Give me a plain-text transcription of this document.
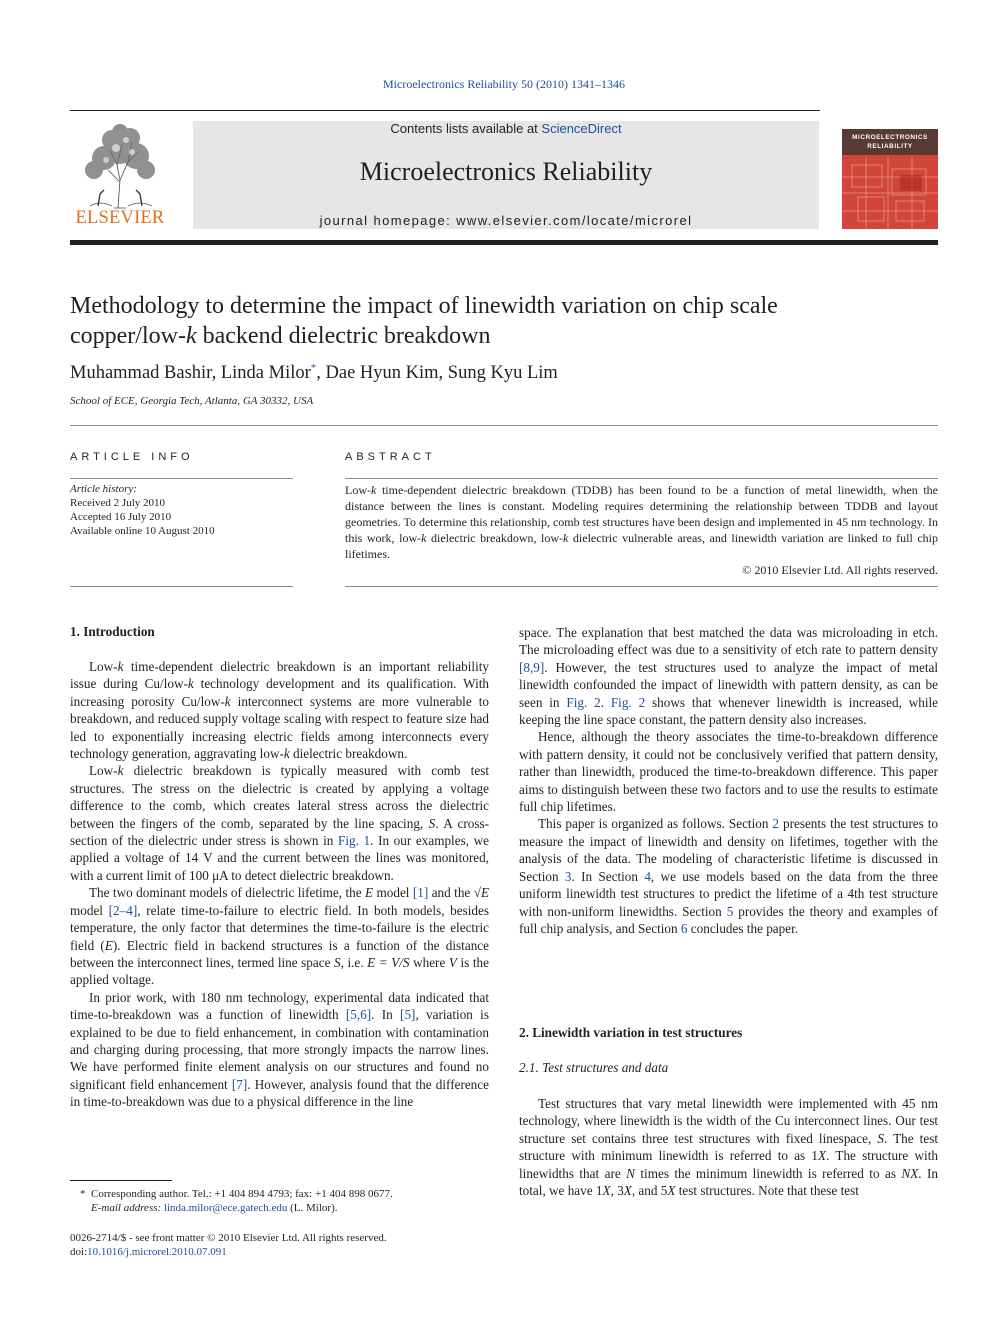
Microelectronics Reliability 50 (2010) 1341–1346
ELSEVIER
Contents lists available at ScienceDirect
Microelectronics Reliability
journal homepage: www.elsevier.com/locate/microrel
MICROELECTRONICS
RELIABILITY
Methodology to determine the impact of linewidth variation on chip scale
copper/low-k backend dielectric breakdown
Muhammad Bashir, Linda Milor*, Dae Hyun Kim, Sung Kyu Lim
School of ECE, Georgia Tech, Atlanta, GA 30332, USA
ARTICLE INFO
Article history:
Received 2 July 2010
Accepted 16 July 2010
Available online 10 August 2010
ABSTRACT
Low-k time-dependent dielectric breakdown (TDDB) has been found to be a function of metal linewidth, when the distance between the lines is constant. Modeling requires determining the relationship between TDDB and layout geometries. To determine this relationship, comb test structures have been design and implemented in 45 nm technology. In this work, low-k dielectric breakdown, low-k dielectric vulnerable areas, and linewidth variation are linked to full chip lifetimes.
© 2010 Elsevier Ltd. All rights reserved.
1. Introduction

Low-k time-dependent dielectric breakdown is an important reliability issue during Cu/low-k technology development and its qualification. With increasing porosity Cu/low-k interconnect systems are more vulnerable to breakdown, and reduced supply voltage scaling with respect to feature size had led to exponentially increasing electric fields among interconnects every technology generation, aggravating low-k dielectric breakdown.

Low-k dielectric breakdown is typically measured with comb test structures. The stress on the dielectric is created by applying a voltage difference to the comb, which creates lateral stress across the dielectric between the fingers of the comb, separated by the line spacing, S. A cross-section of the dielectric under stress is shown in Fig. 1. In our examples, we applied a voltage of 14 V and the current between the lines was monitored, with a current limit of 100 μA to detect dielectric breakdown.

The two dominant models of dielectric lifetime, the E model [1] and the √E model [2–4], relate time-to-failure to electric field. In both models, besides temperature, the only factor that determines the time-to-failure is the electric field (E). Electric field in backend structures is a function of the distance between the interconnect lines, termed line space S, i.e. E = V/S where V is the applied voltage.

In prior work, with 180 nm technology, experimental data indicated that time-to-breakdown was a function of linewidth [5,6]. In [5], variation is explained to be due to field enhancement, in combination with contamination and charging during processing, that more strongly impacts the narrow lines. We have performed finite element analysis on our structures and found no significant field enhancement [7]. However, analysis found that the difference in time-to-breakdown was due to a physical difference in the line

* Corresponding author. Tel.: +1 404 894 4793; fax: +1 404 898 0677.
E-mail address: linda.milor@ece.gatech.edu (L. Milor).
0026-2714/$ - see front matter © 2010 Elsevier Ltd. All rights reserved.
doi:10.1016/j.microrel.2010.07.091

space. The explanation that best matched the data was microloading in etch. The microloading effect was due to a sensitivity of etch rate to pattern density [8,9]. However, the test structures used to analyze the impact of metal linewidth confounded the impact of linewidth with pattern density, as can be seen in Fig. 2. Fig. 2 shows that whenever linewidth is increased, while keeping the line space constant, the pattern density also increases.

Hence, although the theory associates the time-to-breakdown difference with pattern density, it could not be conclusively verified that pattern density, rather than linewidth, produced the time-to-breakdown difference. This paper aims to distinguish between these two factors and to use the results to estimate full chip lifetimes.

This paper is organized as follows. Section 2 presents the test structures to measure the impact of linewidth and density on lifetimes, together with the analysis of the data. The modeling of characteristic lifetime is discussed in Section 3. In Section 4, we use models based on the data from the three uniform linewidth test structures to predict the lifetime of a 4th test structure with non-uniform linewidths. Section 5 provides the theory and examples of full chip analysis, and Section 6 concludes the paper.

2. Linewidth variation in test structures
2.1. Test structures and data

Test structures that vary metal linewidth were implemented with 45 nm technology, where linewidth is the width of the Cu interconnect lines. Our test structure set contains three test structures with fixed linespace, S. The test structure with minimum linewidth is referred to as 1X. The structure with linewidths that are N times the minimum linewidth is referred to as NX. In total, we have 1X, 3X, and 5X test structures. Note that these test
